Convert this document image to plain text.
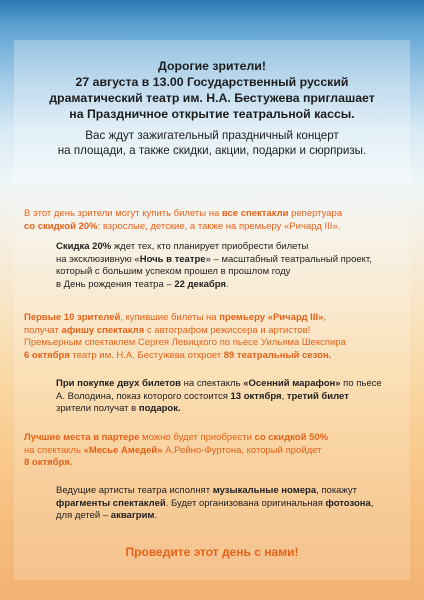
Дорогие зрители!
27 августа в 13.00 Государственный русский
драматический театр им. Н.А. Бестужева приглашает
на Праздничное открытие театральной кассы.
Вас ждут зажигательный праздничный концерт
на площади, а также скидки, акции, подарки и сюрпризы.
В этот день зрители могут купить билеты на все спектакли репертуара
со скидкой 20%: взрослые, детские, а также на премьеру «Ричард III».
Скидка 20% ждет тех, кто планирует приобрести билеты
на эксклюзивную «Ночь в театре» – масштабный театральный проект,
который с большим успехом прошел в прошлом году
в День рождения театра – 22 декабря.
Первые 10 зрителей, купившие билеты на премьеру «Ричард III»,
получат афишу спектакля с автографом режиссера и артистов!
Премьерным спектаклем Сергея Левицкого по пьесе Уильяма Шекспира
6 октября театр им. Н.А. Бестужева откроет 89 театральный сезон.
При покупке двух билетов на спектакль «Осенний марафон» по пьесе
А. Володина, показ которого состоится 13 октября, третий билет
зрители получат в подарок.
Лучшие места в партере можно будет приобрести со скидкой 50%
на спектакль «Месье Амедей» А.Рейно-Фуртона, который пройдет
8 октября.
Ведущие артисты театра исполнят музыкальные номера, покажут
фрагменты спектаклей. Будет организована оригинальная фотозона,
для детей – аквагрим.
Проведите этот день с нами!
